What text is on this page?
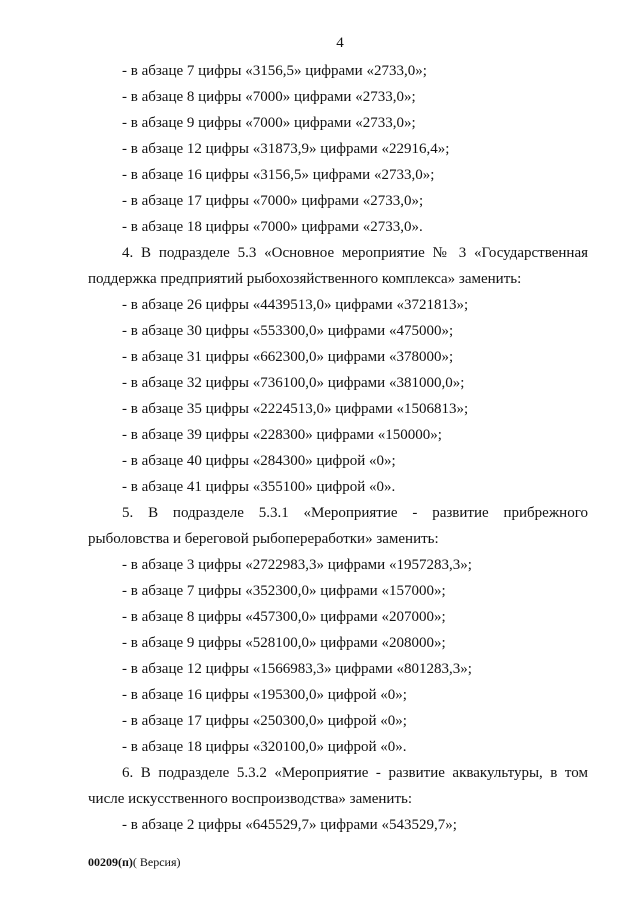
4
- в абзаце 7 цифры «3156,5» цифрами «2733,0»;
- в абзаце 8 цифры «7000» цифрами «2733,0»;
- в абзаце 9 цифры «7000» цифрами «2733,0»;
- в абзаце 12 цифры «31873,9» цифрами «22916,4»;
- в абзаце 16 цифры «3156,5» цифрами «2733,0»;
- в абзаце 17 цифры «7000» цифрами «2733,0»;
- в абзаце 18 цифры «7000» цифрами «2733,0».
4. В подразделе 5.3 «Основное мероприятие № 3 «Государственная поддержка предприятий рыбохозяйственного комплекса» заменить:
- в абзаце 26 цифры «4439513,0» цифрами «3721813»;
- в абзаце 30 цифры «553300,0» цифрами «475000»;
- в абзаце 31 цифры «662300,0» цифрами «378000»;
- в абзаце 32 цифры «736100,0» цифрами «381000,0»;
- в абзаце 35 цифры «2224513,0» цифрами «1506813»;
- в абзаце 39 цифры «228300» цифрами «150000»;
- в абзаце 40 цифры «284300» цифрой «0»;
- в абзаце 41 цифры «355100» цифрой «0».
5. В подразделе 5.3.1 «Мероприятие - развитие прибрежного рыболовства и береговой рыбопереработки» заменить:
- в абзаце 3 цифры «2722983,3» цифрами «1957283,3»;
- в абзаце 7 цифры «352300,0» цифрами «157000»;
- в абзаце 8 цифры «457300,0» цифрами «207000»;
- в абзаце 9 цифры «528100,0» цифрами «208000»;
- в абзаце 12 цифры «1566983,3» цифрами «801283,3»;
- в абзаце 16 цифры «195300,0» цифрой «0»;
- в абзаце 17 цифры «250300,0» цифрой «0»;
- в абзаце 18 цифры «320100,0» цифрой «0».
6. В подразделе 5.3.2 «Мероприятие - развитие аквакультуры, в том числе искусственного воспроизводства» заменить:
- в абзаце 2 цифры «645529,7» цифрами «543529,7»;
00209(п)( Версия)
